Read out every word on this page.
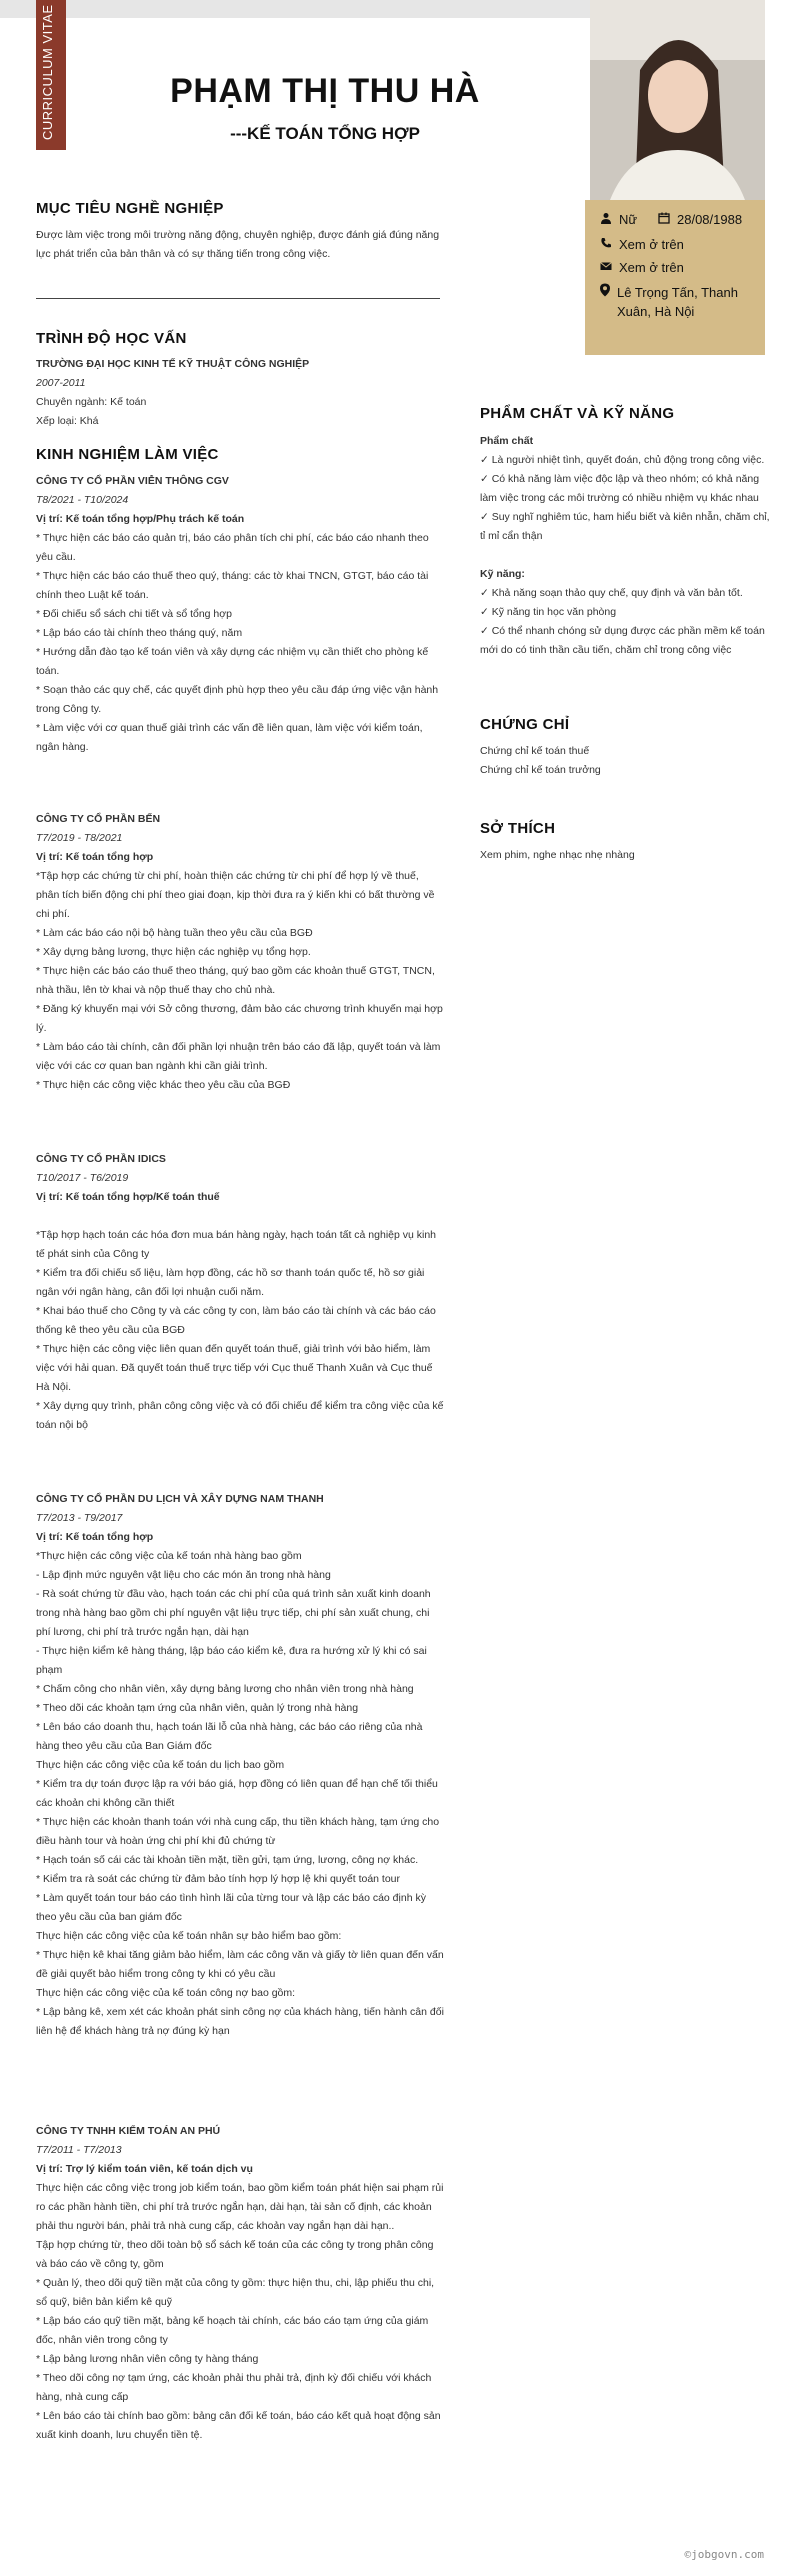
CURRICULUM VITAE	PHẠM THỊ THU HÀ
---KẾ TOÁN TỔNG HỢP
Nữ	28/08/1988
Xem ở trên
Xem ở trên
Lê Trọng Tấn, Thanh Xuân, Hà Nội
MỤC TIÊU NGHỀ NGHIỆP
Được làm việc trong môi trường năng động, chuyên nghiệp, được đánh giá đúng năng lực phát triển của bản thân và có sự thăng tiến trong công việc.
TRÌNH ĐỘ HỌC VẤN
TRƯỜNG ĐẠI HỌC KINH TẾ KỸ THUẬT CÔNG NGHIỆP
2007-2011
Chuyên ngành: Kế toán
Xếp loại: Khá
KINH NGHIỆM LÀM VIỆC
CÔNG TY CỔ PHẦN VIỄN THÔNG CGV
T8/2021 - T10/2024
Vị trí: Kế toán tổng hợp/Phụ trách kế toán
* Thực hiện các báo cáo quản trị, báo cáo phân tích chi phí, các báo cáo nhanh theo yêu cầu.
* Thực hiện các báo cáo thuế theo quý, tháng: các tờ khai TNCN, GTGT, báo cáo tài chính theo Luật kế toán.
* Đối chiếu sổ sách chi tiết và sổ tổng hợp
* Lập báo cáo tài chính theo tháng quý, năm
* Hướng dẫn đào tạo kế toán viên và xây dựng các nhiệm vụ cần thiết cho phòng kế toán.
* Soạn thảo các quy chế, các quyết định phù hợp theo yêu cầu đáp ứng việc vận hành trong Công ty.
* Làm việc với cơ quan thuế giải trình các vấn đề liên quan, làm việc với kiểm toán, ngân hàng.
CÔNG TY CỔ PHẦN BẾN
T7/2019 - T8/2021
Vị trí: Kế toán tổng hợp
*Tập hợp các chứng từ chi phí, hoàn thiện các chứng từ chi phí để hợp lý về thuế, phân tích biến động chi phí theo giai đoạn, kịp thời đưa ra ý kiến khi có bất thường về chi phí.
* Làm các báo cáo nội bộ hàng tuần theo yêu cầu của BGĐ
* Xây dựng bảng lương, thực hiện các nghiệp vụ tổng hợp.
* Thực hiện các báo cáo thuế theo tháng, quý bao gồm các khoản thuế GTGT, TNCN, nhà thầu, lên tờ khai và nộp thuế thay cho chủ nhà.
* Đăng ký khuyến mại với Sở công thương, đảm bảo các chương trình khuyến mại hợp lý.
* Làm báo cáo tài chính, cân đối phần lợi nhuận trên báo cáo đã lập, quyết toán và làm việc với các cơ quan ban ngành khi cần giải trình.
* Thực hiện các công việc khác theo yêu cầu của BGĐ
CÔNG TY CỔ PHẦN IDICS
T10/2017 - T6/2019
Vị trí: Kế toán tổng hợp/Kế toán thuế
*Tập hợp hạch toán các hóa đơn mua bán hàng ngày, hạch toán tất cả nghiệp vụ kinh tế phát sinh của Công ty
* Kiểm tra đối chiếu số liệu, làm hợp đồng, các hồ sơ thanh toán quốc tế, hồ sơ giải ngân với ngân hàng, cân đối lợi nhuận cuối năm.
* Khai báo thuế cho Công ty và các công ty con, làm báo cáo tài chính và các báo cáo thống kê theo yêu cầu của BGĐ
* Thực hiện các công việc liên quan đến quyết toán thuế, giải trình với bảo hiểm, làm việc với hải quan. Đã quyết toán thuế trực tiếp với Cục thuế Thanh Xuân và Cục thuế Hà Nội.
* Xây dựng quy trình, phân công công việc và có đối chiếu để kiểm tra công việc của kế toán nội bộ
CÔNG TY CỔ PHẦN DU LỊCH VÀ XÂY DỰNG NAM THANH
T7/2013 - T9/2017
Vị trí: Kế toán tổng hợp
*Thực hiện các công việc của kế toán nhà hàng bao gồm
- Lập định mức nguyên vật liệu cho các món ăn trong nhà hàng
- Rà soát chứng từ đầu vào, hạch toán các chi phí của quá trình sản xuất kinh doanh trong nhà hàng bao gồm chi phí nguyên vật liệu trực tiếp, chi phí sản xuất chung, chi phí lương, chi phí trả trước ngắn hạn, dài hạn
- Thực hiện kiểm kê hàng tháng, lập báo cáo kiểm kê, đưa ra hướng xử lý khi có sai phạm
* Chấm công cho nhân viên, xây dựng bảng lương cho nhân viên trong nhà hàng
* Theo dõi các khoản tạm ứng của nhân viên, quản lý trong nhà hàng
* Lên báo cáo doanh thu, hạch toán lãi lỗ của nhà hàng, các báo cáo riêng của nhà hàng theo yêu cầu của Ban Giám đốc
Thực hiện các công việc của kế toán du lịch bao gồm
* Kiểm tra dự toán được lập ra với báo giá, hợp đồng có liên quan để hạn chế tối thiểu các khoản chi không cần thiết
* Thực hiện các khoản thanh toán với nhà cung cấp, thu tiền khách hàng, tạm ứng cho điều hành tour và hoàn ứng chi phí khi đủ chứng từ
* Hạch toán số cái các tài khoản tiền mặt, tiền gửi, tạm ứng, lương, công nợ khác.
* Kiểm tra rà soát các chứng từ đảm bảo tính hợp lý hợp lệ khi quyết toán tour
* Làm quyết toán tour báo cáo tình hình lãi của từng tour và lập các báo cáo định kỳ theo yêu cầu của ban giám đốc
Thực hiện các công việc của kế toán nhân sự bảo hiểm bao gồm:
* Thực hiện kê khai tăng giảm bảo hiểm, làm các công văn và giấy tờ liên quan đến vấn đề giải quyết bảo hiểm trong công ty khi có yêu cầu
Thực hiện các công việc của kế toán công nợ bao gồm:
* Lập bảng kê, xem xét các khoản phát sinh công nợ của khách hàng, tiến hành cân đối liên hệ để khách hàng trả nợ đúng kỳ hạn
CÔNG TY TNHH KIỂM TOÁN AN PHÚ
T7/2011 - T7/2013
Vị trí: Trợ lý kiểm toán viên, kế toán dịch vụ
Thực hiện các công việc trong job kiểm toán, bao gồm kiểm toán phát hiện sai phạm rủi ro các phần hành tiền, chi phí trả trước ngắn hạn, dài hạn, tài sản cố định, các khoản phải thu người bán, phải trả nhà cung cấp, các khoản vay ngắn hạn dài hạn..
Tập hợp chứng từ, theo dõi toàn bộ sổ sách kế toán của các công ty trong phân công và báo cáo về công ty, gồm
* Quản lý, theo dõi quỹ tiền mặt của công ty gồm: thực hiện thu, chi, lập phiếu thu chi, sổ quỹ, biên bản kiểm kê quỹ
* Lập báo cáo quỹ tiền mặt, bảng kế hoạch tài chính, các báo cáo tạm ứng của giám đốc, nhân viên trong công ty
* Lập bảng lương nhân viên công ty hàng tháng
* Theo dõi công nợ tạm ứng, các khoản phải thu phải trả, định kỳ đối chiếu với khách hàng, nhà cung cấp
* Lên báo cáo tài chính bao gồm: bảng cân đối kế toán, báo cáo kết quả hoạt động sản xuất kinh doanh, lưu chuyển tiền tệ.
PHẨM CHẤT VÀ KỸ NĂNG
Phẩm chất
✓ Là người nhiệt tình, quyết đoán, chủ động trong công việc.
✓ Có khả năng làm việc độc lập và theo nhóm; có khả năng làm việc trong các môi trường có nhiều nhiệm vụ khác nhau
✓ Suy nghĩ nghiêm túc, ham hiểu biết và kiên nhẫn, chăm chỉ, tỉ mỉ cẩn thận
Kỹ năng:
✓ Khả năng soạn thảo quy chế, quy định và văn bản tốt.
✓ Kỹ năng tin học văn phòng
✓ Có thể nhanh chóng sử dụng được các phần mềm kế toán mới do có tinh thần cầu tiến, chăm chỉ trong công việc
CHỨNG CHỈ
Chứng chỉ kế toán thuế
Chứng chỉ kế toán trưởng
SỞ THÍCH
Xem phim, nghe nhạc nhẹ nhàng
©jobgovn.com
